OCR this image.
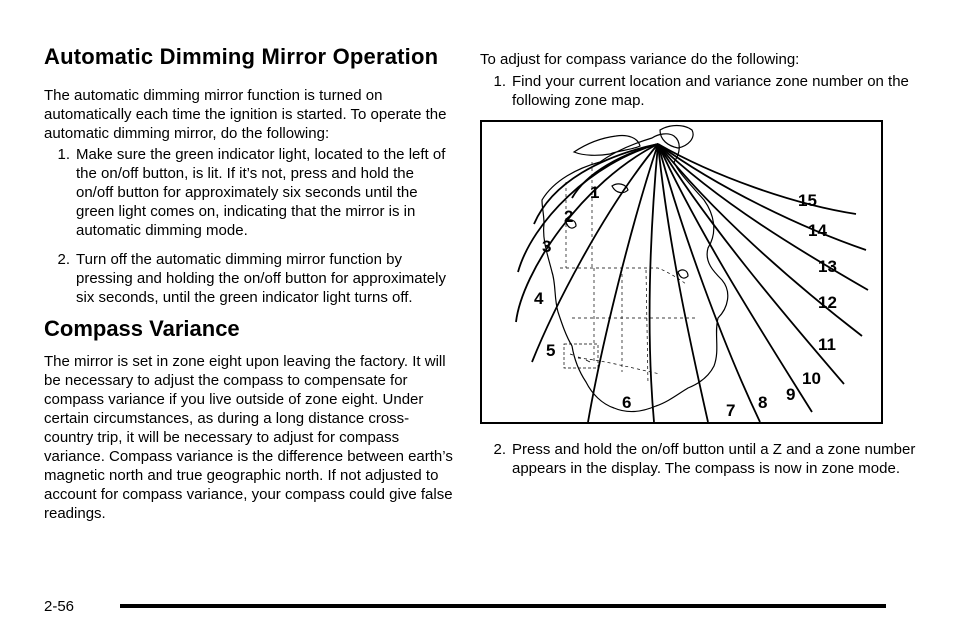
Automatic Dimming Mirror Operation

The automatic dimming mirror function is turned on automatically each time the ignition is started. To operate the automatic dimming mirror, do the following:

1. Make sure the green indicator light, located to the left of the on/off button, is lit. If it’s not, press and hold the on/off button for approximately six seconds until the green light comes on, indicating that the mirror is in automatic dimming mode.
2. Turn off the automatic dimming mirror function by pressing and holding the on/off button for approximately six seconds, until the green indicator light turns off.
Compass Variance

The mirror is set in zone eight upon leaving the factory. It will be necessary to adjust the compass to compensate for compass variance if you live outside of zone eight. Under certain circumstances, as during a long distance cross-country trip, it will be necessary to adjust for compass variance. Compass variance is the difference between earth’s magnetic north and true geographic north. If not adjusted to account for compass variance, your compass could give false readings.

To adjust for compass variance do the following:

1. Find your current location and variance zone number on the following zone map.
1
2
3
4
5
6	7 8 9
10
11
12
13
14
15
2. Press and hold the on/off button until a Z and a zone number appears in the display. The compass is now in zone mode.
2-56
